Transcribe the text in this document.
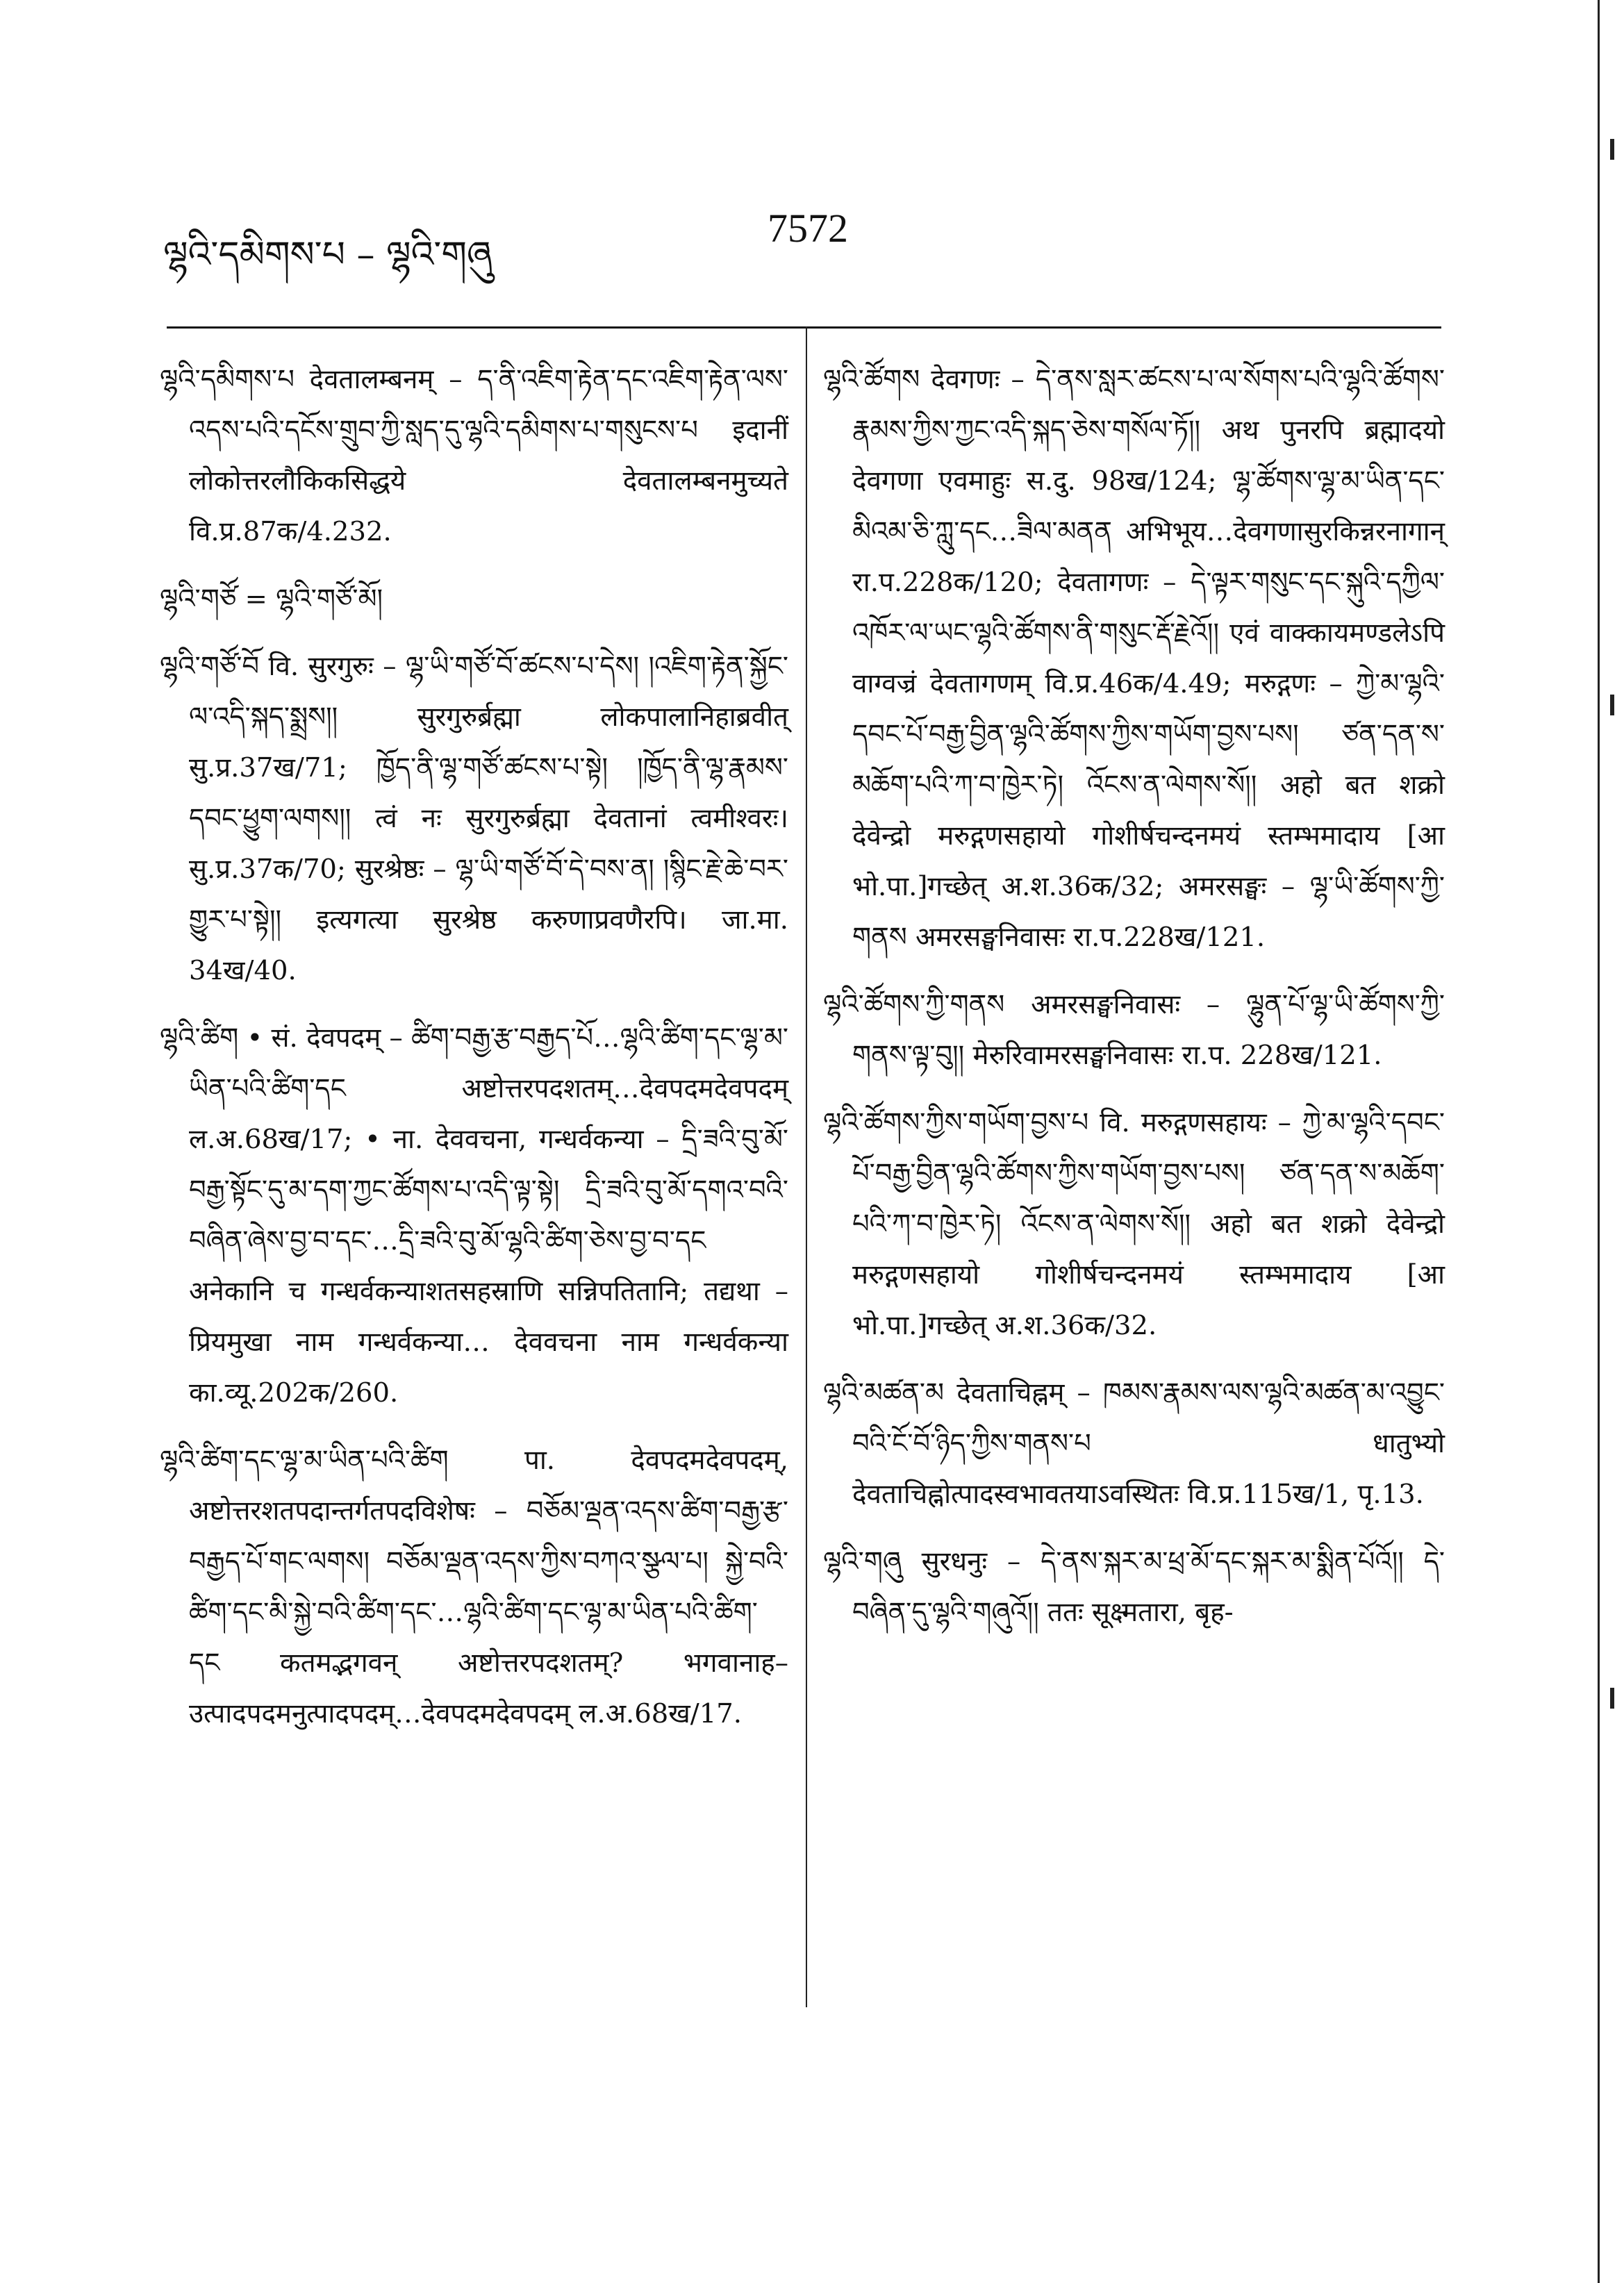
ལྷའི་དམིགས་པ – ལྷའི་གཞུ
7572

ལྷའི་དམིགས་པ देवतालम्बनम् – ད་ནི་འཇིག་རྟེན་དང་འཇིག་རྟེན་ལས་འདས་པའི་དངོས་གྲུབ་ཀྱི་སླད་དུ་ལྷའི་དམིགས་པ་གསུངས་པ इदानीं लोकोत्तरलौकिकसिद्धये देवतालम्बनमुच्यते वि.प्र.87क/4.232.

ལྷའི་གཙོ = ལྷའི་གཙོ་མོ།

ལྷའི་གཙོ་བོ वि. सुरगुरुः – ལྷ་ཡི་གཙོ་བོ་ཚངས་པ་དེས། །འཇིག་རྟེན་སྐྱོང་ལ་འདི་སྐད་སྨྲས།། सुरगुरुर्ब्रह्मा लोकपालानिहाब्रवीत् सु.प्र.37ख/71; ཁྱོད་ནི་ལྷ་གཙོ་ཚངས་པ་སྟེ། །ཁྱོད་ནི་ལྷ་རྣམས་དབང་ཕྱུག་ལགས།། त्वं नः सुरगुरुर्ब्रह्मा देवतानां त्वमीश्वरः। सु.प्र.37क/70; सुरश्रेष्ठः – ལྷ་ཡི་གཙོ་བོ་དེ་བས་ན། །སྙིང་རྗེ་ཆེ་བར་གྱུར་པ་སྟེ།། इत्यगत्या सुरश्रेष्ठ करुणाप्रवणैरपि। जा.मा. 34ख/40.

ལྷའི་ཚིག • सं. देवपदम् – ཚིག་བརྒྱ་རྩ་བརྒྱད་པོ…ལྷའི་ཚིག་དང་ལྷ་མ་ཡིན་པའི་ཚིག་དང अष्टोत्तरपदशतम्…देवपदमदेवपदम् ल.अ.68ख/17; • ना. देववचना, गन्धर्वकन्या – དྲི་ཟའི་བུ་མོ་བརྒྱ་སྟོང་དུ་མ་དག་ཀྱང་ཚོགས་པ་འདི་ལྟ་སྟེ། དྲི་ཟའི་བུ་མོ་དགའ་བའི་བཞིན་ཞེས་བྱ་བ་དང་…དྲི་ཟའི་བུ་མོ་ལྷའི་ཚིག་ཅེས་བྱ་བ་དང अनेकानि च गन्धर्वकन्याशतसहस्राणि सन्निपतितानि; तद्यथा – प्रियमुखा नाम गन्धर्वकन्या… देववचना नाम गन्धर्वकन्या का.व्यू.202क/260.

ལྷའི་ཚིག་དང་ལྷ་མ་ཡིན་པའི་ཚིག पा. देवपदमदेवपदम्, अष्टोत्तरशतपदान्तर्गतपदविशेषः – བཅོམ་ལྡན་འདས་ཚིག་བརྒྱ་རྩ་བརྒྱད་པོ་གང་ལགས། བཅོམ་ལྡན་འདས་ཀྱིས་བཀའ་སྩལ་པ། སྐྱེ་བའི་ཚིག་དང་མི་སྐྱེ་བའི་ཚིག་དང་…ལྷའི་ཚིག་དང་ལྷ་མ་ཡིན་པའི་ཚིག་དང कतमद्भगवन् अष्टोत्तरपदशतम्? भगवानाह–उत्पादपदमनुत्पादपदम्…देवपदमदेवपदम् ल.अ.68ख/17.

ལྷའི་ཚོགས देवगणः – དེ་ནས་སླར་ཚངས་པ་ལ་སོགས་པའི་ལྷའི་ཚོགས་རྣམས་ཀྱིས་ཀྱང་འདི་སྐད་ཅེས་གསོལ་ཏོ།། अथ पुनरपि ब्रह्मादयो देवगणा एवमाहुः स.दु. 98ख/124; ལྷ་ཚོགས་ལྷ་མ་ཡིན་དང་མིའམ་ཅི་ཀླུ་དང…ཟིལ་མནན अभिभूय…देवगणासुरकिन्नरनागान् रा.प.228क/120; देवतागणः – དེ་ལྟར་གསུང་དང་སྐུའི་དཀྱིལ་འཁོར་ལ་ཡང་ལྷའི་ཚོགས་ནི་གསུང་རྡོ་རྗེའོ།། एवं वाक्कायमण्डलेऽपि वाग्वज्रं देवतागणम् वि.प्र.46क/4.49; मरुद्गणः – ཀྱེ་མ་ལྷའི་དབང་པོ་བརྒྱ་བྱིན་ལྷའི་ཚོགས་ཀྱིས་གཡོག་བྱས་པས། ཙན་དན་ས་མཆོག་པའི་ཀ་བ་ཁྱེར་ཏེ། འོངས་ན་ལེགས་སོ།། अहो बत शक्रो देवेन्द्रो मरुद्गणसहायो गोशीर्षचन्दनमयं स्तम्भमादाय [आ भो.पा.]गच्छेत् अ.श.36क/32; अमरसङ्घः – ལྷ་ཡི་ཚོགས་ཀྱི་གནས अमरसङ्घनिवासः रा.प.228ख/121.

ལྷའི་ཚོགས་ཀྱི་གནས अमरसङ्घनिवासः – ལྷུན་པོ་ལྷ་ཡི་ཚོགས་ཀྱི་གནས་ལྟ་བུ།། मेरुरिवामरसङ्घनिवासः रा.प. 228ख/121.

ལྷའི་ཚོགས་ཀྱིས་གཡོག་བྱས་པ वि. मरुद्गणसहायः – ཀྱེ་མ་ལྷའི་དབང་པོ་བརྒྱ་བྱིན་ལྷའི་ཚོགས་ཀྱིས་གཡོག་བྱས་པས། ཙན་དན་ས་མཆོག་པའི་ཀ་བ་ཁྱེར་ཏེ། འོངས་ན་ལེགས་སོ།། अहो बत शक्रो देवेन्द्रो मरुद्गणसहायो गोशीर्षचन्दनमयं स्तम्भमादाय [आ भो.पा.]गच्छेत् अ.श.36क/32.

ལྷའི་མཚན་མ देवताचिह्नम् – ཁམས་རྣམས་ལས་ལྷའི་མཚན་མ་འབྱུང་བའི་ངོ་བོ་ཉིད་ཀྱིས་གནས་པ धातुभ्यो देवताचिह्नोत्पादस्वभावतयाऽवस्थितः वि.प्र.115ख/1, पृ.13.

ལྷའི་གཞུ सुरधनुः – དེ་ནས་སྐར་མ་ཕྲ་མོ་དང་སྐར་མ་སྨིན་པོའོ།། དེ་བཞིན་དུ་ལྷའི་གཞུའོ།། ततः सूक्ष्मतारा, बृह-
